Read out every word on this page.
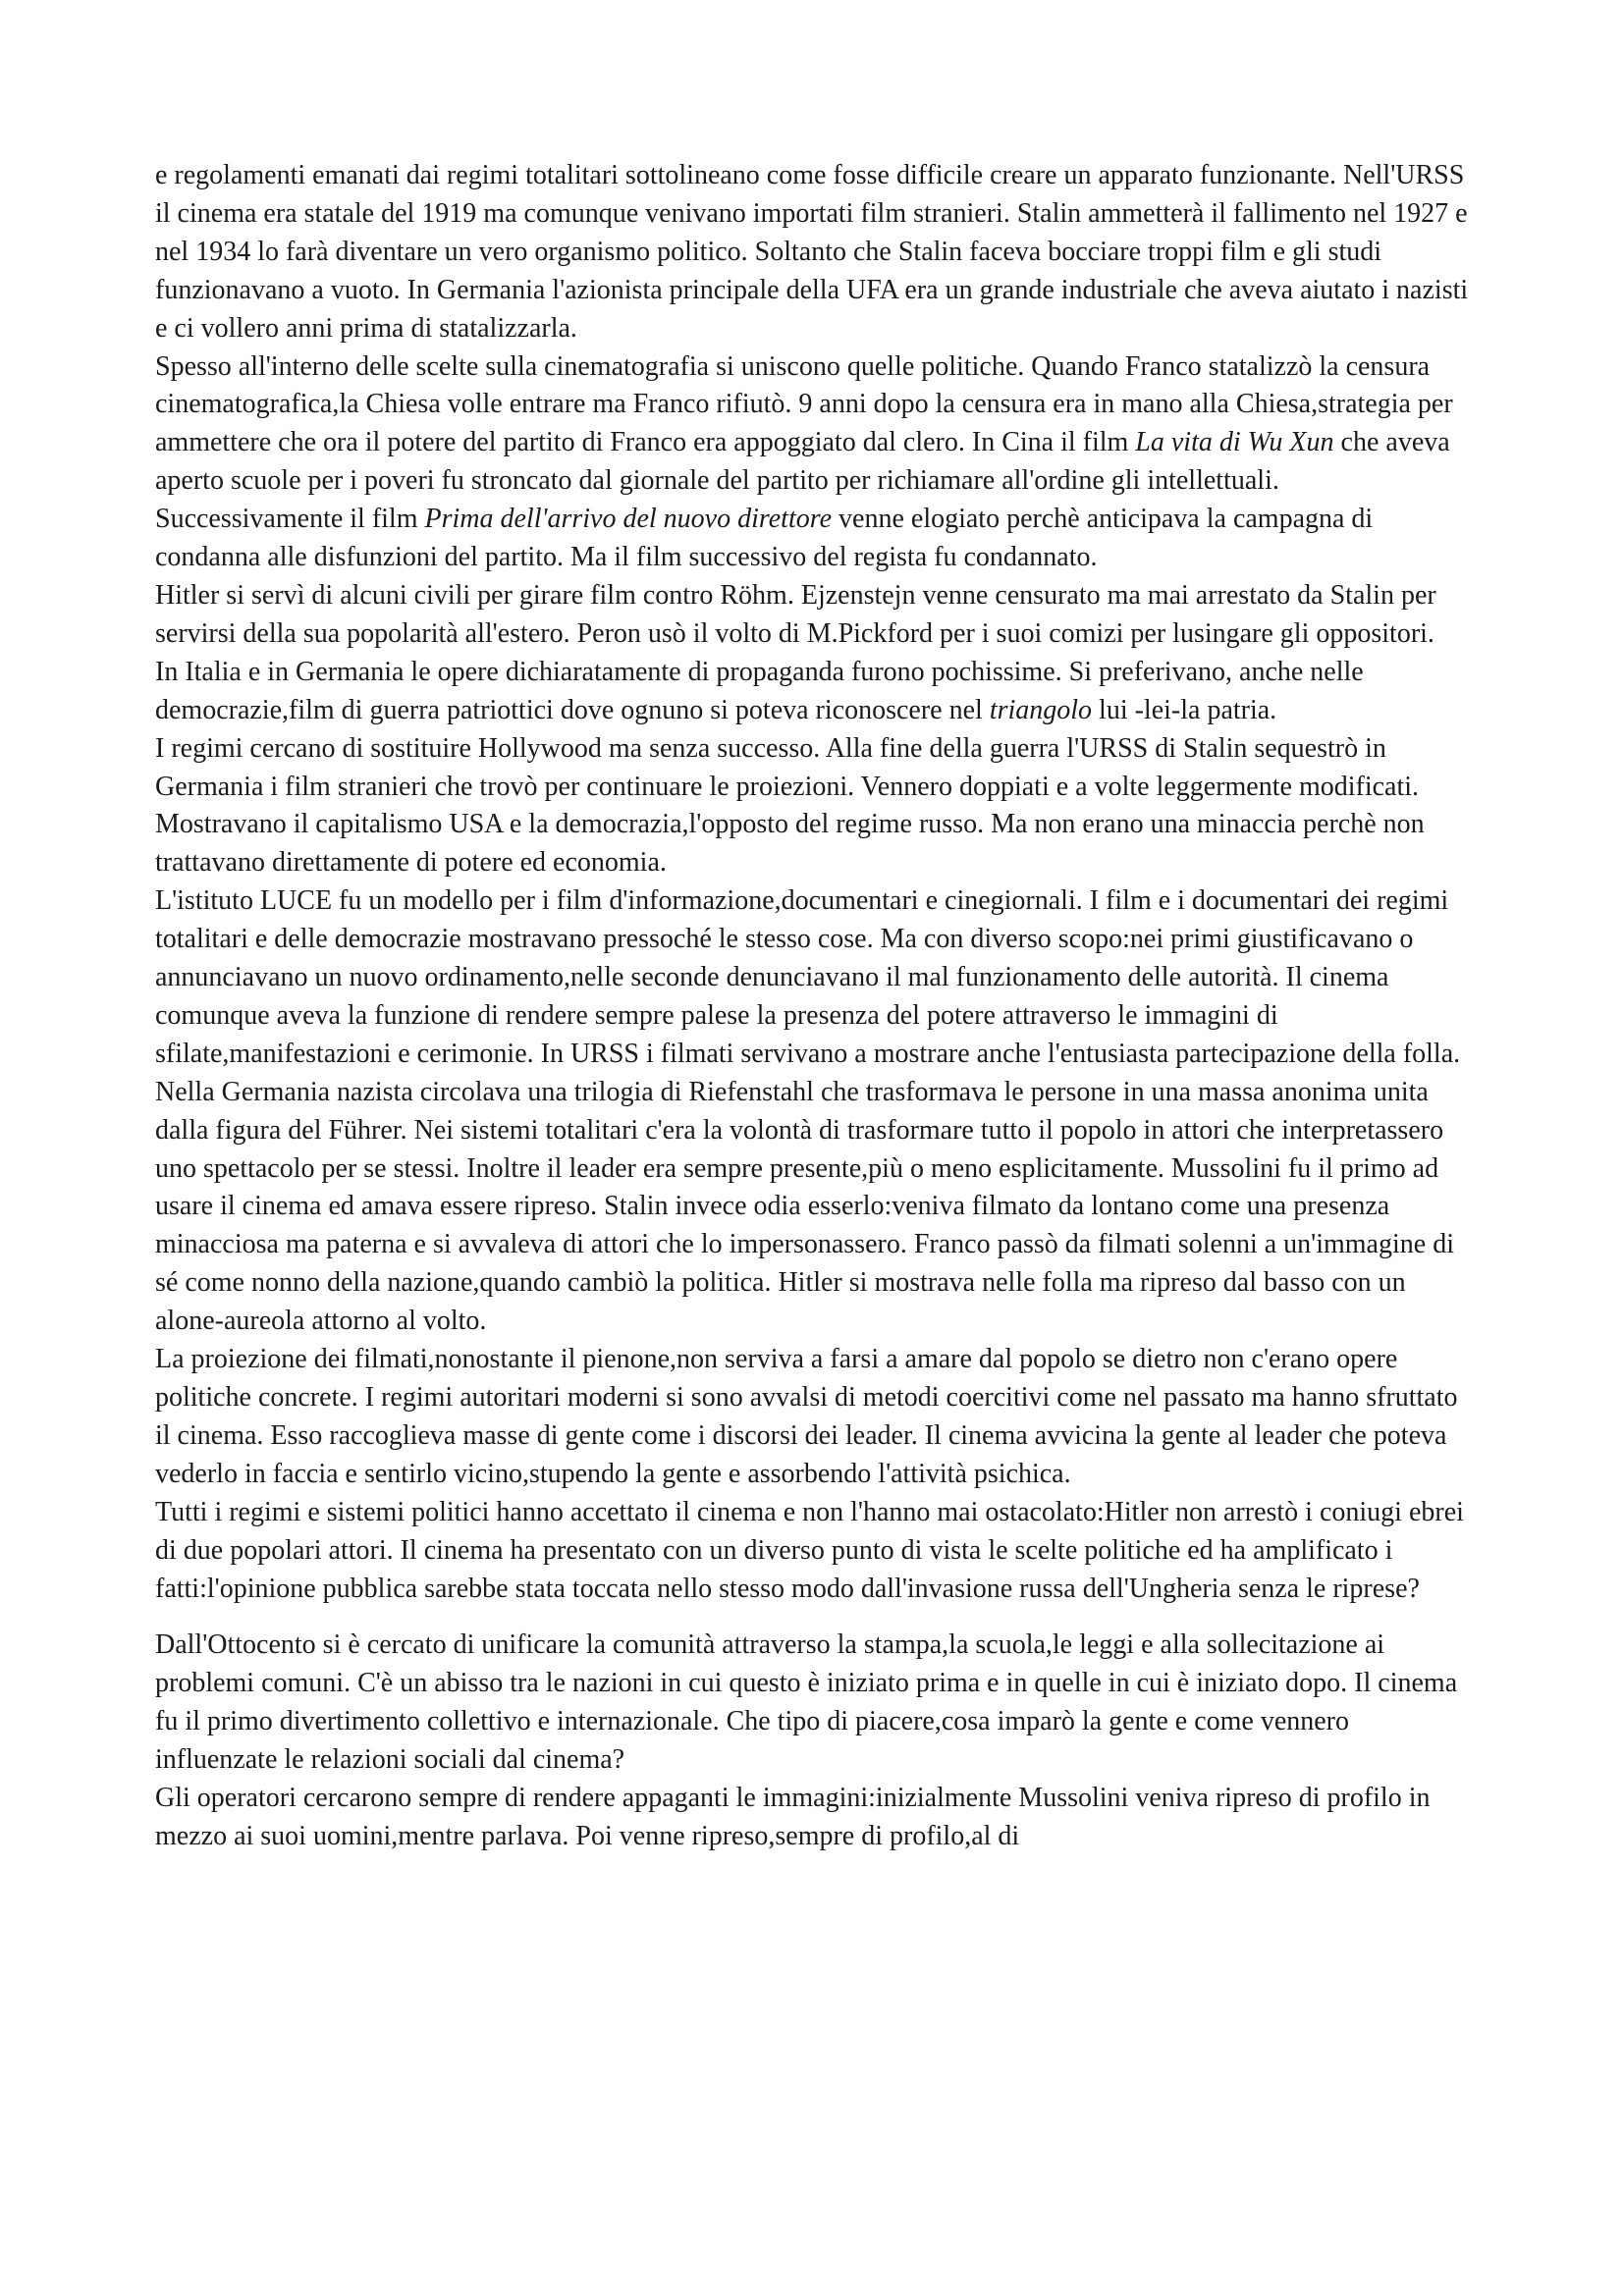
e regolamenti emanati dai regimi totalitari sottolineano come fosse difficile creare un apparato funzionante. Nell'URSS il cinema era statale del 1919 ma comunque venivano importati film stranieri. Stalin ammetterà il fallimento nel 1927 e nel 1934 lo farà diventare un vero organismo politico. Soltanto che Stalin faceva bocciare troppi film e gli studi funzionavano a vuoto. In Germania l'azionista principale della UFA era un grande industriale che aveva aiutato i nazisti e ci vollero anni prima di statalizzarla.

Spesso all'interno delle scelte sulla cinematografia si uniscono quelle politiche. Quando Franco statalizzò la censura cinematografica,la Chiesa volle entrare ma Franco rifiutò. 9 anni dopo la censura era in mano alla Chiesa,strategia per ammettere che ora il potere del partito di Franco era appoggiato dal clero. In Cina il film La vita di Wu Xun che aveva aperto scuole per i poveri fu stroncato dal giornale del partito per richiamare all'ordine gli intellettuali. Successivamente il film Prima dell'arrivo del nuovo direttore venne elogiato perchè anticipava la campagna di condanna alle disfunzioni del partito. Ma il film successivo del regista fu condannato.

Hitler si servì di alcuni civili per girare film contro Röhm. Ejzenstejn venne censurato ma mai arrestato da Stalin per servirsi della sua popolarità all'estero. Peron usò il volto di M.Pickford per i suoi comizi per lusingare gli oppositori.

In Italia e in Germania le opere dichiaratamente di propaganda furono pochissime. Si preferivano, anche nelle democrazie,film di guerra patriottici dove ognuno si poteva riconoscere nel triangolo lui -lei-la patria.

I regimi cercano di sostituire Hollywood ma senza successo. Alla fine della guerra l'URSS di Stalin sequestrò in Germania i film stranieri che trovò per continuare le proiezioni. Vennero doppiati e a volte leggermente modificati. Mostravano il capitalismo USA e la democrazia,l'opposto del regime russo. Ma non erano una minaccia perchè non trattavano direttamente di potere ed economia.

L'istituto LUCE fu un modello per i film d'informazione,documentari e cinegiornali. I film e i documentari dei regimi totalitari e delle democrazie mostravano pressoché le stesso cose. Ma con diverso scopo:nei primi giustificavano o annunciavano un nuovo ordinamento,nelle seconde denunciavano il mal funzionamento delle autorità. Il cinema comunque aveva la funzione di rendere sempre palese la presenza del potere attraverso le immagini di sfilate,manifestazioni e cerimonie. In URSS i filmati servivano a mostrare anche l'entusiasta partecipazione della folla. Nella Germania nazista circolava una trilogia di Riefenstahl che trasformava le persone in una massa anonima unita dalla figura del Führer. Nei sistemi totalitari c'era la volontà di trasformare tutto il popolo in attori che interpretassero uno spettacolo per se stessi. Inoltre il leader era sempre presente,più o meno esplicitamente. Mussolini fu il primo ad usare il cinema ed amava essere ripreso. Stalin invece odia esserlo:veniva filmato da lontano come una presenza minacciosa ma paterna e si avvaleva di attori che lo impersonassero. Franco passò da filmati solenni a un'immagine di sé come nonno della nazione,quando cambiò la politica. Hitler si mostrava nelle folla ma ripreso dal basso con un alone-aureola attorno al volto.

La proiezione dei filmati,nonostante il pienone,non serviva a farsi a amare dal popolo se dietro non c'erano opere politiche concrete. I regimi autoritari moderni si sono avvalsi di metodi coercitivi come nel passato ma hanno sfruttato il cinema. Esso raccoglieva masse di gente come i discorsi dei leader. Il cinema avvicina la gente al leader che poteva vederlo in faccia e sentirlo vicino,stupendo la gente e assorbendo l'attività psichica.

Tutti i regimi e sistemi politici hanno accettato il cinema e non l'hanno mai ostacolato:Hitler non arrestò i coniugi ebrei di due popolari attori. Il cinema ha presentato con un diverso punto di vista le scelte politiche ed ha amplificato i fatti:l'opinione pubblica sarebbe stata toccata nello stesso modo dall'invasione russa dell'Ungheria senza le riprese?

Dall'Ottocento si è cercato di unificare la comunità attraverso la stampa,la scuola,le leggi e alla sollecitazione ai problemi comuni. C'è un abisso tra le nazioni in cui questo è iniziato prima e in quelle in cui è iniziato dopo. Il cinema fu il primo divertimento collettivo e internazionale. Che tipo di piacere,cosa imparò la gente e come vennero influenzate le relazioni sociali dal cinema?

Gli operatori cercarono sempre di rendere appaganti le immagini:inizialmente Mussolini veniva ripreso di profilo in mezzo ai suoi uomini,mentre parlava. Poi venne ripreso,sempre di profilo,al di
